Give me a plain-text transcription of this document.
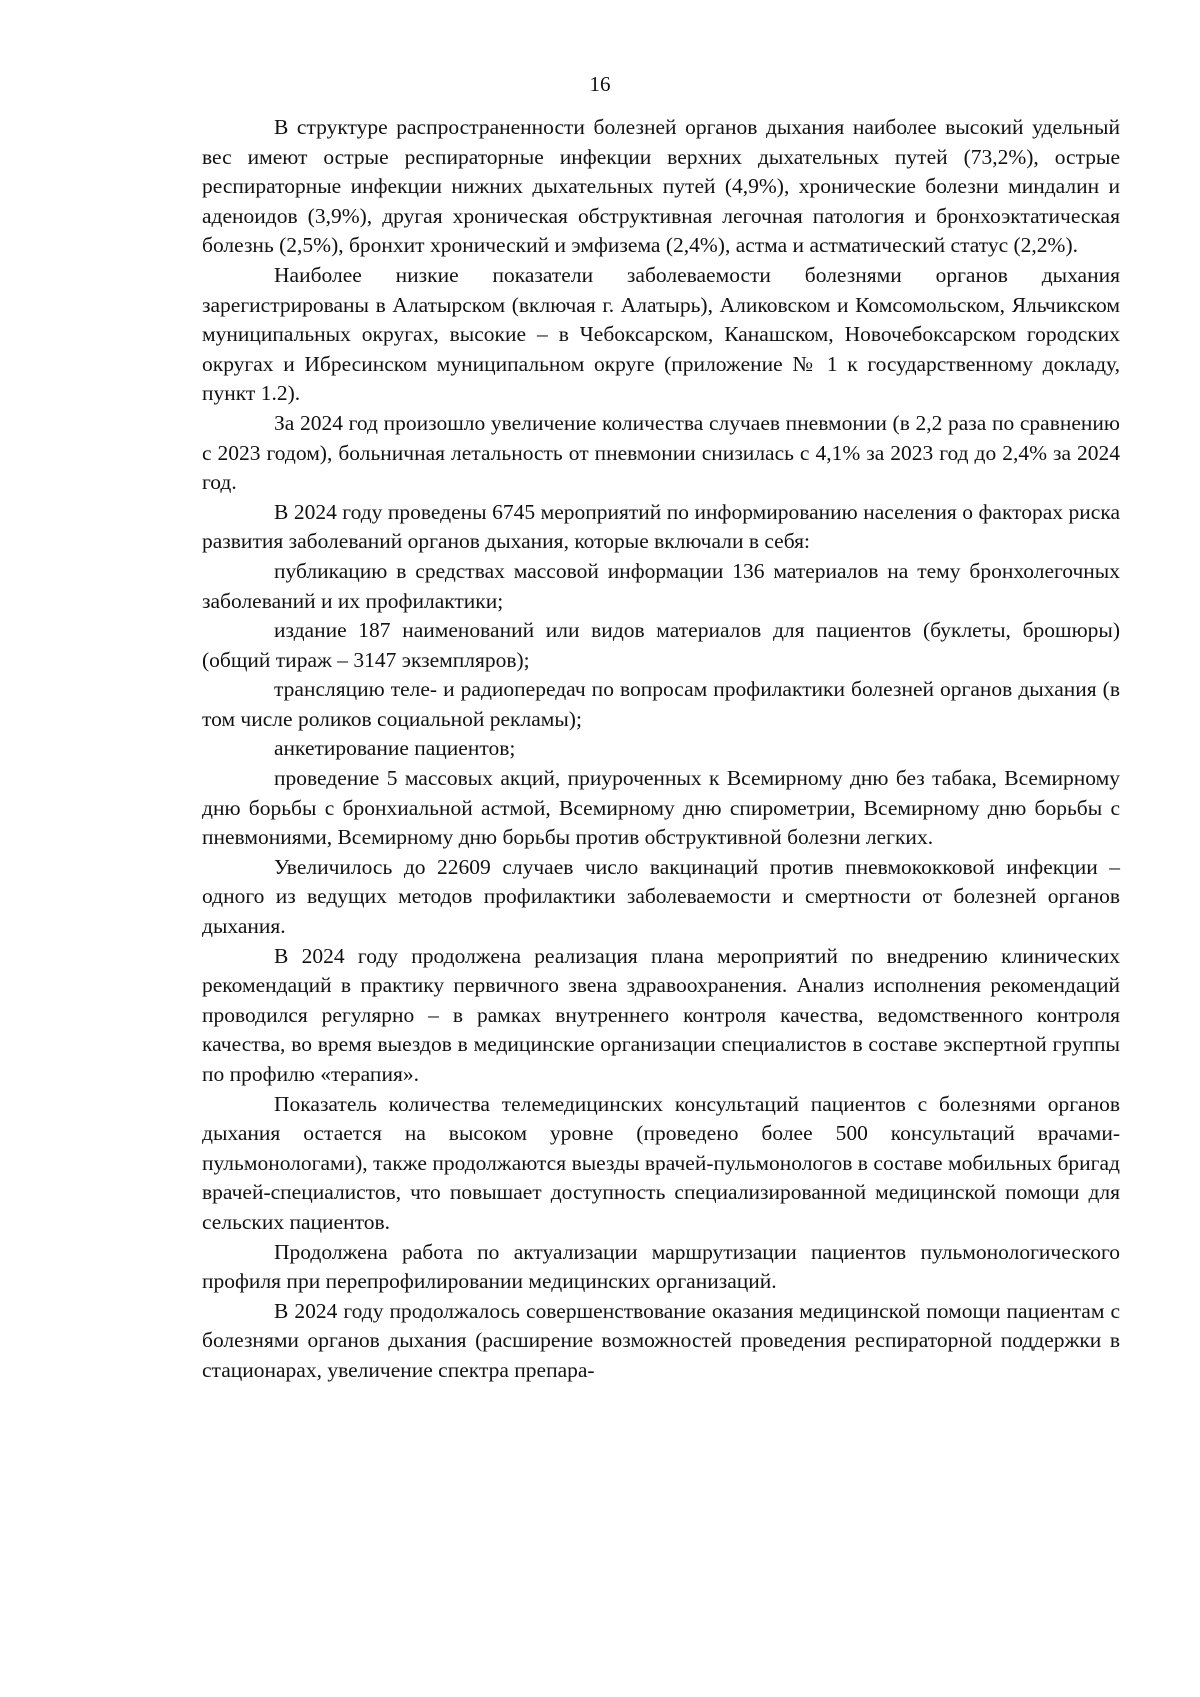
16

В структуре распространенности болезней органов дыхания наиболее высокий удельный вес имеют острые респираторные инфекции верхних дыхательных путей (73,2%), острые респираторные инфекции нижних дыхательных путей (4,9%), хронические болезни миндалин и аденоидов (3,9%), другая хроническая обструктивная легочная патология и бронхоэктатическая болезнь (2,5%), бронхит хронический и эмфизема (2,4%), астма и астматический статус (2,2%).

Наиболее низкие показатели заболеваемости болезнями органов дыхания зарегистрированы в Алатырском (включая г. Алатырь), Аликовском и Комсомольском, Яльчикском муниципальных округах, высокие – в Чебоксарском, Канашском, Новочебоксарском городских округах и Ибресинском муниципальном округе (приложение № 1 к государственному докладу, пункт 1.2).

За 2024 год произошло увеличение количества случаев пневмонии (в 2,2 раза по сравнению с 2023 годом), больничная летальность от пневмонии снизилась с 4,1% за 2023 год до 2,4% за 2024 год.

В 2024 году проведены 6745 мероприятий по информированию населения о факторах риска развития заболеваний органов дыхания, которые включали в себя:

публикацию в средствах массовой информации 136 материалов на тему бронхолегочных заболеваний и их профилактики;

издание 187 наименований или видов материалов для пациентов (буклеты, брошюры) (общий тираж – 3147 экземпляров);

трансляцию теле- и радиопередач по вопросам профилактики болезней органов дыхания (в том числе роликов социальной рекламы);

анкетирование пациентов;

проведение 5 массовых акций, приуроченных к Всемирному дню без табака, Всемирному дню борьбы с бронхиальной астмой, Всемирному дню спирометрии, Всемирному дню борьбы с пневмониями, Всемирному дню борьбы против обструктивной болезни легких.

Увеличилось до 22609 случаев число вакцинаций против пневмококковой инфекции – одного из ведущих методов профилактики заболеваемости и смертности от болезней органов дыхания.

В 2024 году продолжена реализация плана мероприятий по внедрению клинических рекомендаций в практику первичного звена здравоохранения. Анализ исполнения рекомендаций проводился регулярно – в рамках внутреннего контроля качества, ведомственного контроля качества, во время выездов в медицинские организации специалистов в составе экспертной группы по профилю «терапия».

Показатель количества телемедицинских консультаций пациентов с болезнями органов дыхания остается на высоком уровне (проведено более 500 консультаций врачами-пульмонологами), также продолжаются выезды врачей-пульмонологов в составе мобильных бригад врачей-специалистов, что повышает доступность специализированной медицинской помощи для сельских пациентов.

Продолжена работа по актуализации маршрутизации пациентов пульмонологического профиля при перепрофилировании медицинских организаций.

В 2024 году продолжалось совершенствование оказания медицинской помощи пациентам с болезнями органов дыхания (расширение возможностей проведения респираторной поддержки в стационарах, увеличение спектра препара-
